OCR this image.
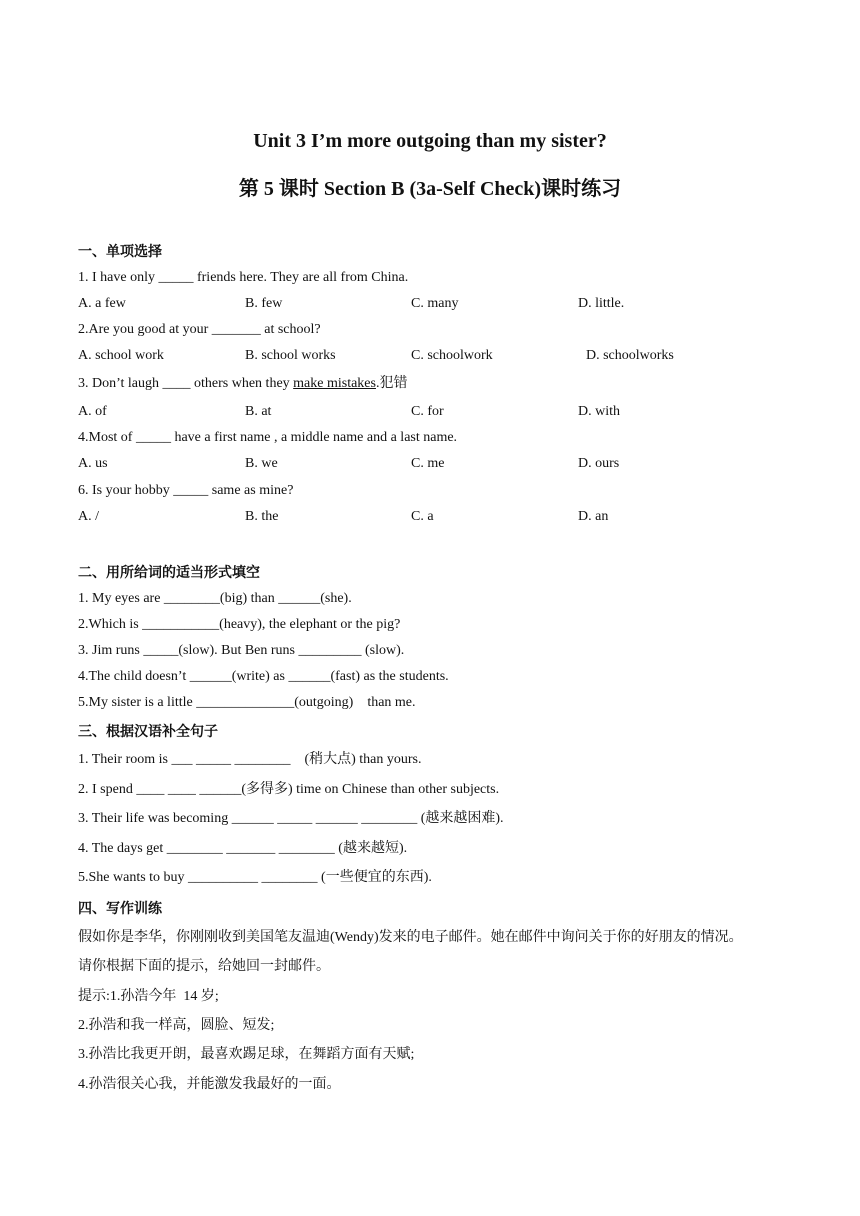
Unit 3 I’m more outgoing than my sister?
第 5 课时 Section B (3a-Self Check)课时练习
一、单项选择
1. I have only _____ friends here. They are all from China.
A. a few	B. few	C. many	D. little.
2.Are you good at your _______ at school?
A. school work	B. school works	C. schoolwork	D. schoolworks
3. Don’t laugh ____ others when they make mistakes.犯错
A. of	B. at	C. for	D. with
4.Most of _____ have a first name , a middle name and a last name.
A. us	B. we	C. me	D. ours
6. Is your hobby _____ same as mine?
A. /	B. the	C. a	D. an
二、用所给词的适当形式填空
1. My eyes are ________(big) than ______(she).
2.Which is ___________(heavy), the elephant or the pig?
3. Jim runs _____(slow). But Ben runs _________ (slow).
4.The child doesn’t ______(write) as ______(fast) as the students.
5.My sister is a little ______________(outgoing)    than me.
三、根据汉语补全句子
1. Their room is ___ _____ ________    (稍大点) than yours.
2. I spend ____ ____ ______(多得多) time on Chinese than other subjects.
3. Their life was becoming ______ _____ ______ ________ (越来越困难).
4. The days get ________ _______ ________ (越来越短).
5.She wants to buy __________ ________ (一些便宜的东西).
四、写作训练
假如你是李华，你刚刚收到美国笔友温迪(Wendy)发来的电子邮件。她在邮件中询问关于你的好朋友的情况。
请你根据下面的提示，给她回一封邮件。
提示:1.孙浩今年  14 岁;
2.孙浩和我一样高，圆脸、短发;
3.孙浩比我更开朗，最喜欢踢足球，在舞蹈方面有天赋;
4.孙浩很关心我，并能激发我最好的一面。
